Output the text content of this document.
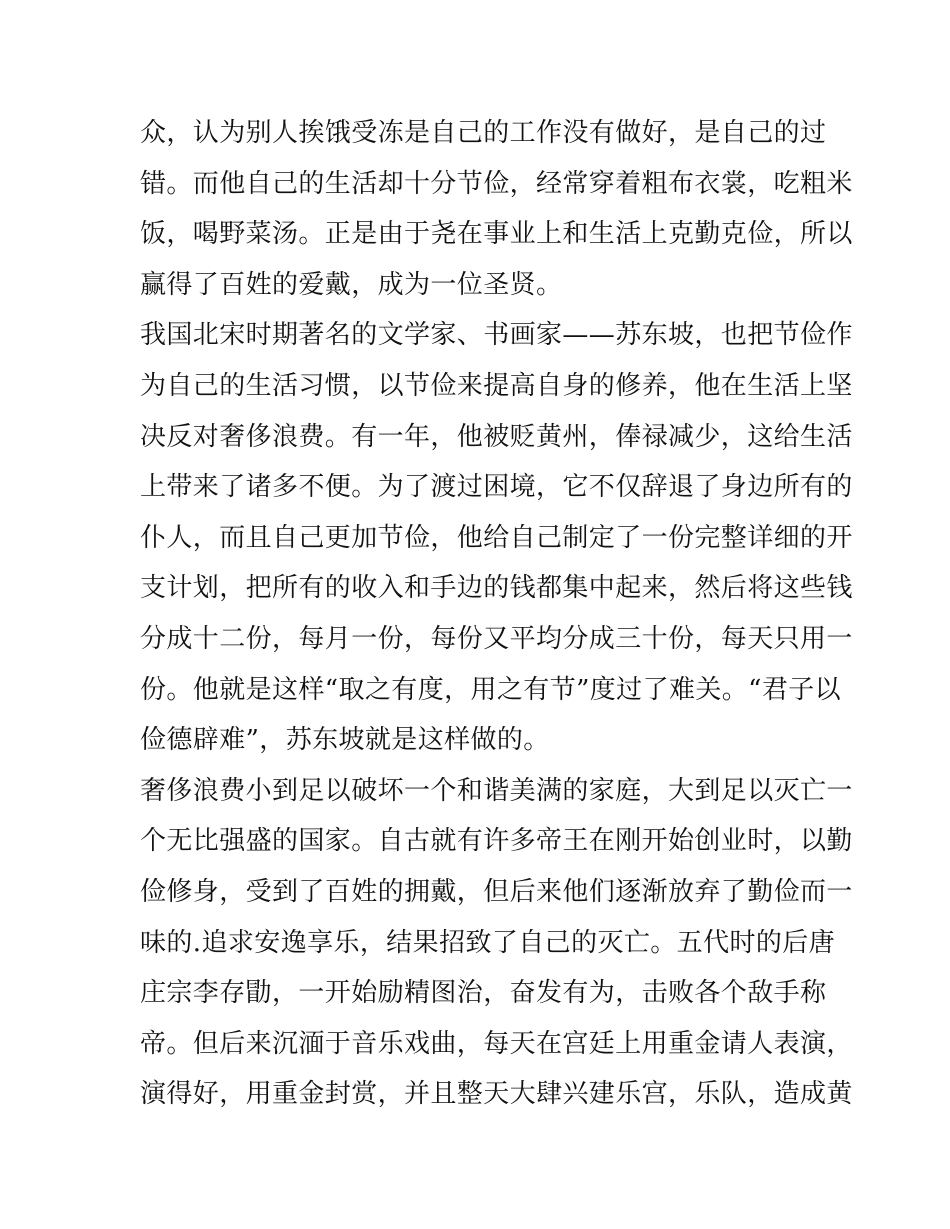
众，认为别人挨饿受冻是自己的工作没有做好，是自己的过
错。而他自己的生活却十分节俭，经常穿着粗布衣裳，吃粗米
饭，喝野菜汤。正是由于尧在事业上和生活上克勤克俭，所以
赢得了百姓的爱戴，成为一位圣贤。
我国北宋时期著名的文学家、书画家——苏东坡，也把节俭作
为自己的生活习惯，以节俭来提高自身的修养，他在生活上坚
决反对奢侈浪费。有一年，他被贬黄州，俸禄减少，这给生活
上带来了诸多不便。为了渡过困境，它不仅辞退了身边所有的
仆人，而且自己更加节俭，他给自己制定了一份完整详细的开
支计划，把所有的收入和手边的钱都集中起来，然后将这些钱
分成十二份，每月一份，每份又平均分成三十份，每天只用一
份。他就是这样“取之有度，用之有节”度过了难关。“君子以
俭德辟难”，苏东坡就是这样做的。
奢侈浪费小到足以破坏一个和谐美满的家庭，大到足以灭亡一
个无比强盛的国家。自古就有许多帝王在刚开始创业时，以勤
俭修身，受到了百姓的拥戴，但后来他们逐渐放弃了勤俭而一
味的.追求安逸享乐，结果招致了自己的灭亡。五代时的后唐
庄宗李存勖，一开始励精图治，奋发有为，击败各个敌手称
帝。但后来沉湎于音乐戏曲，每天在宫廷上用重金请人表演，
演得好，用重金封赏，并且整天大肆兴建乐宫，乐队，造成黄
